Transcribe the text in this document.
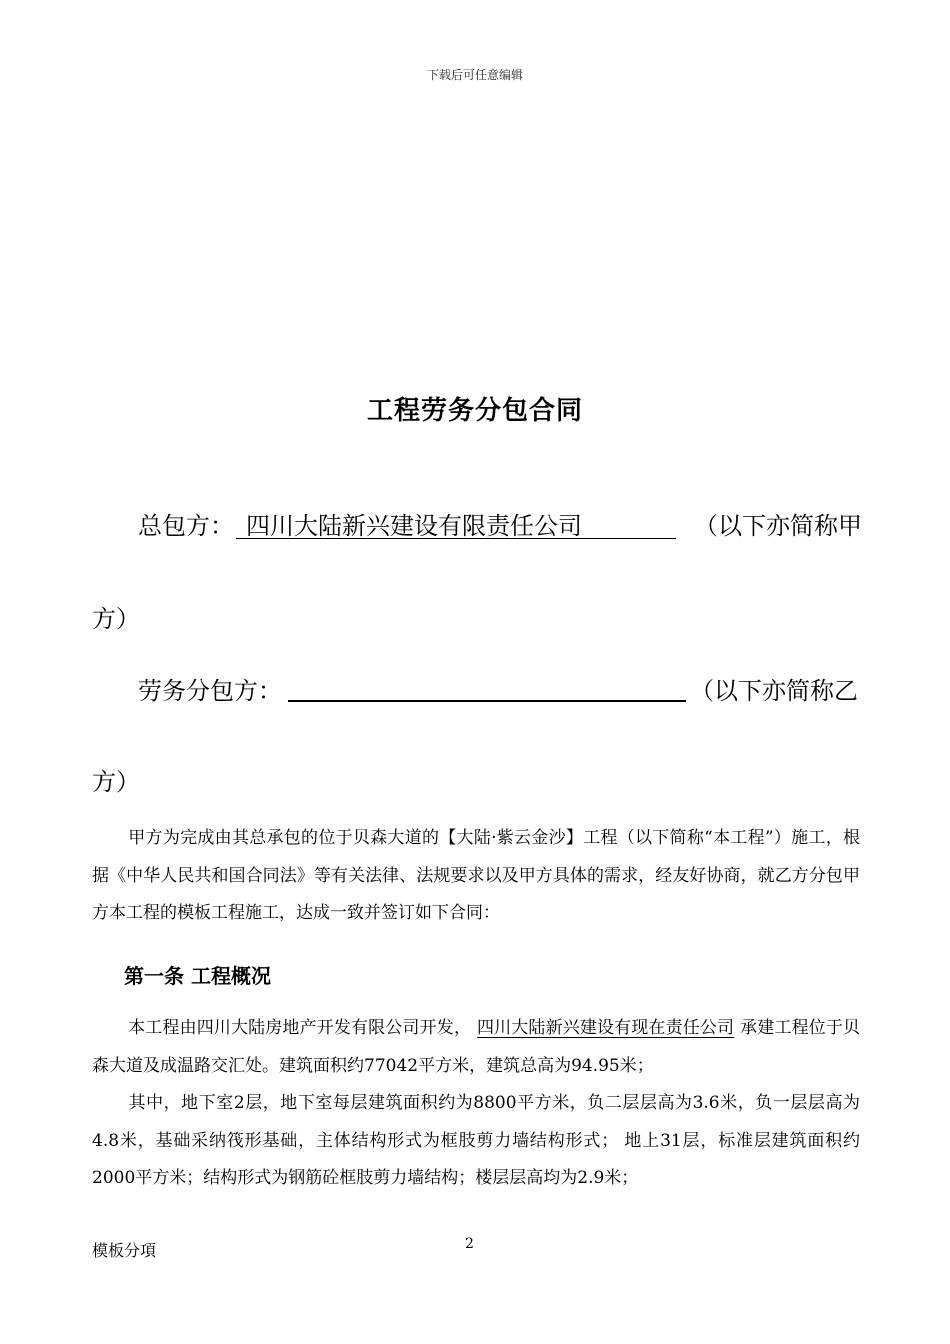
下载后可任意编辑
工程劳务分包合同
总包方： 四川大陆新兴建设有限责任公司	（以下亦简称甲
方）
劳务分包方：	（以下亦简称乙
方）
甲方为完成由其总承包的位于贝森大道的【大陆·紫云金沙】工程（以下简称“本工程”）施工，根据《中华人民共和国合同法》等有关法律、法规要求以及甲方具体的需求，经友好协商，就乙方分包甲方本工程的模板工程施工，达成一致并签订如下合同：
第一条 工程概况
本工程由四川大陆房地产开发有限公司开发， 四川大陆新兴建设有现在责任公司 承建工程位于贝森大道及成温路交汇处。建筑面积约77042平方米，建筑总高为94.95米；
其中，地下室2层，地下室每层建筑面积约为8800平方米，负二层层高为3.6米，负一层层高为4.8米，基础采纳筏形基础，主体结构形式为框肢剪力墙结构形式； 地上31层，标准层建筑面积约2000平方米；结构形式为钢筋砼框肢剪力墙结构；楼层层高均为2.9米；
模板分項	2
